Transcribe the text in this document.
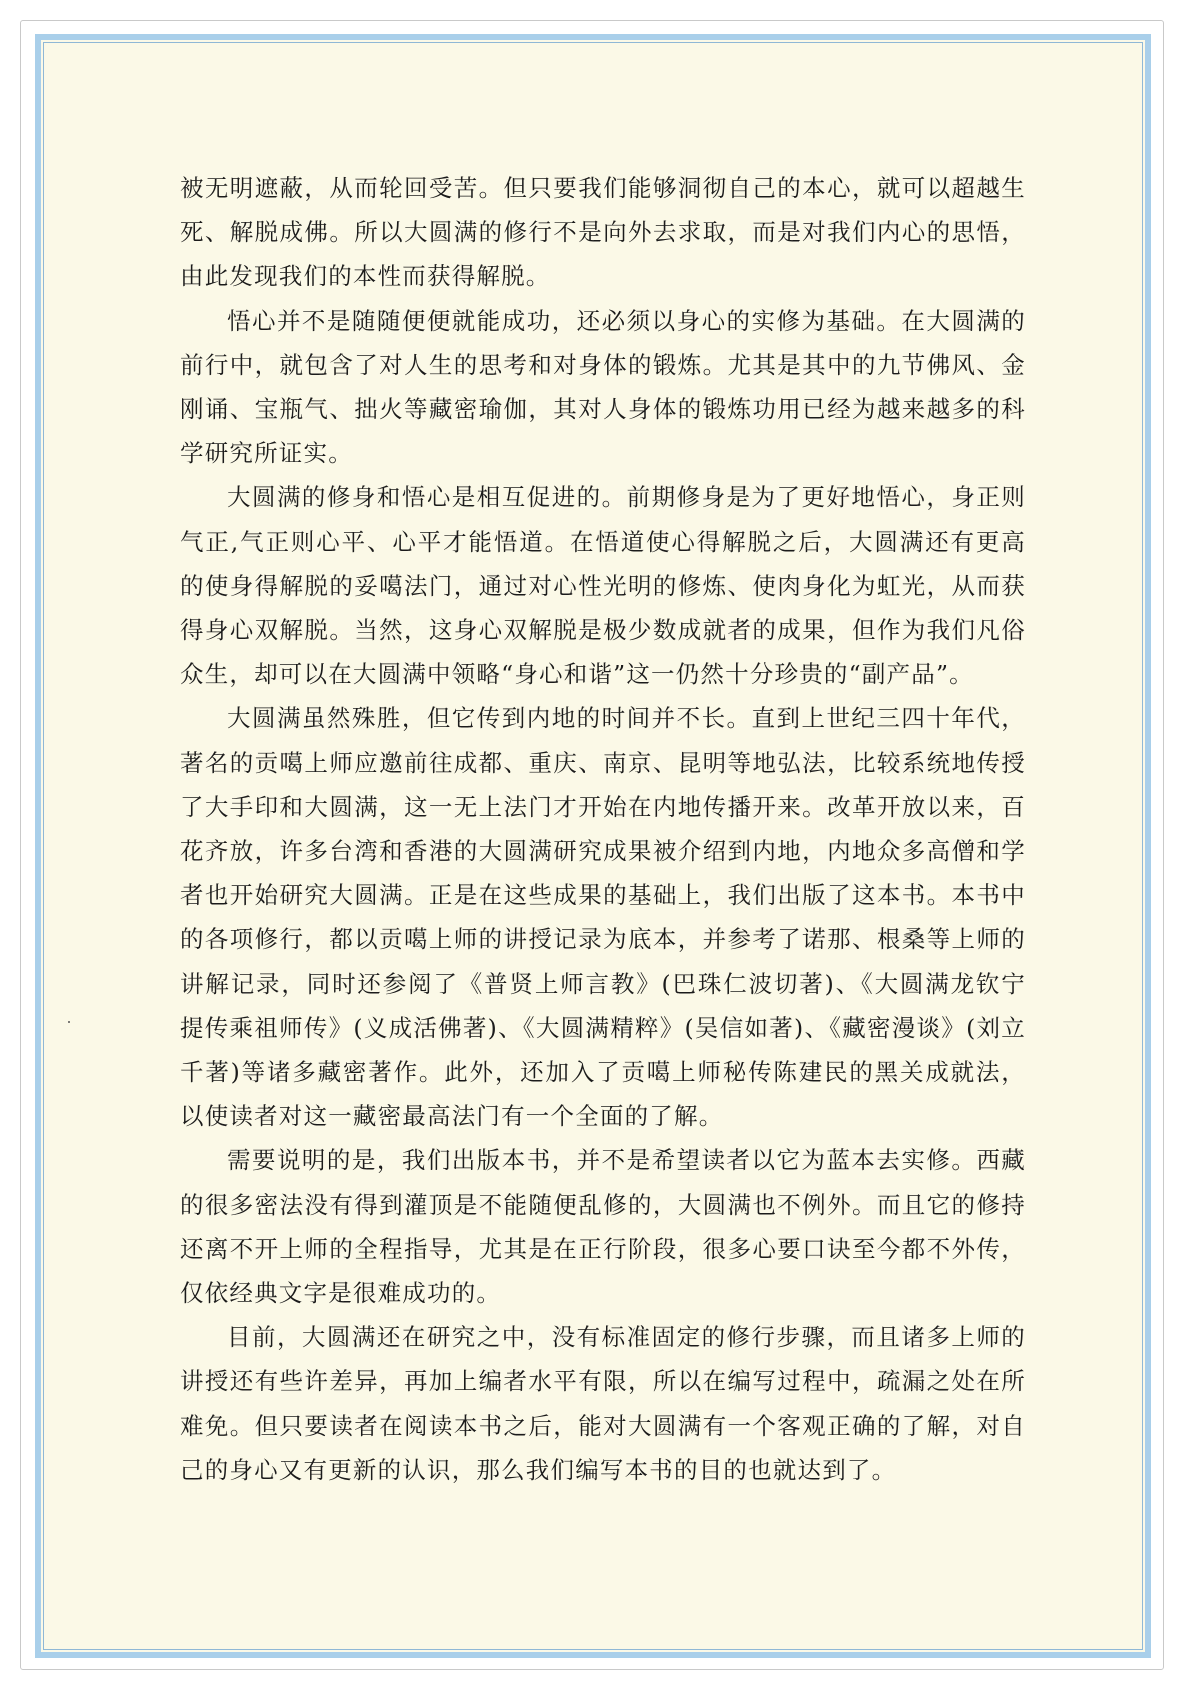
被无明遮蔽，从而轮回受苦。但只要我们能够洞彻自己的本心，就可以超越生死、解脱成佛。所以大圆满的修行不是向外去求取，而是对我们内心的思悟，由此发现我们的本性而获得解脱。

悟心并不是随随便便就能成功，还必须以身心的实修为基础。在大圆满的前行中，就包含了对人生的思考和对身体的锻炼。尤其是其中的九节佛风、金刚诵、宝瓶气、拙火等藏密瑜伽，其对人身体的锻炼功用已经为越来越多的科学研究所证实。

大圆满的修身和悟心是相互促进的。前期修身是为了更好地悟心，身正则气正,气正则心平、心平才能悟道。在悟道使心得解脱之后，大圆满还有更高的使身得解脱的妥噶法门，通过对心性光明的修炼、使肉身化为虹光，从而获得身心双解脱。当然，这身心双解脱是极少数成就者的成果，但作为我们凡俗众生，却可以在大圆满中领略“身心和谐”这一仍然十分珍贵的“副产品”。

大圆满虽然殊胜，但它传到内地的时间并不长。直到上世纪三四十年代，著名的贡噶上师应邀前往成都、重庆、南京、昆明等地弘法，比较系统地传授了大手印和大圆满，这一无上法门才开始在内地传播开来。改革开放以来，百花齐放，许多台湾和香港的大圆满研究成果被介绍到内地，内地众多高僧和学者也开始研究大圆满。正是在这些成果的基础上，我们出版了这本书。本书中的各项修行，都以贡噶上师的讲授记录为底本，并参考了诺那、根桑等上师的讲解记录，同时还参阅了《普贤上师言教》(巴珠仁波切著)、《大圆满龙钦宁提传乘祖师传》(义成活佛著)、《大圆满精粹》(吴信如著)、《藏密漫谈》(刘立千著)等诸多藏密著作。此外，还加入了贡噶上师秘传陈建民的黑关成就法，以使读者对这一藏密最高法门有一个全面的了解。

需要说明的是，我们出版本书，并不是希望读者以它为蓝本去实修。西藏的很多密法没有得到灌顶是不能随便乱修的，大圆满也不例外。而且它的修持还离不开上师的全程指导，尤其是在正行阶段，很多心要口诀至今都不外传，仅依经典文字是很难成功的。

目前，大圆满还在研究之中，没有标准固定的修行步骤，而且诸多上师的讲授还有些许差异，再加上编者水平有限，所以在编写过程中，疏漏之处在所难免。但只要读者在阅读本书之后，能对大圆满有一个客观正确的了解，对自己的身心又有更新的认识，那么我们编写本书的目的也就达到了。
